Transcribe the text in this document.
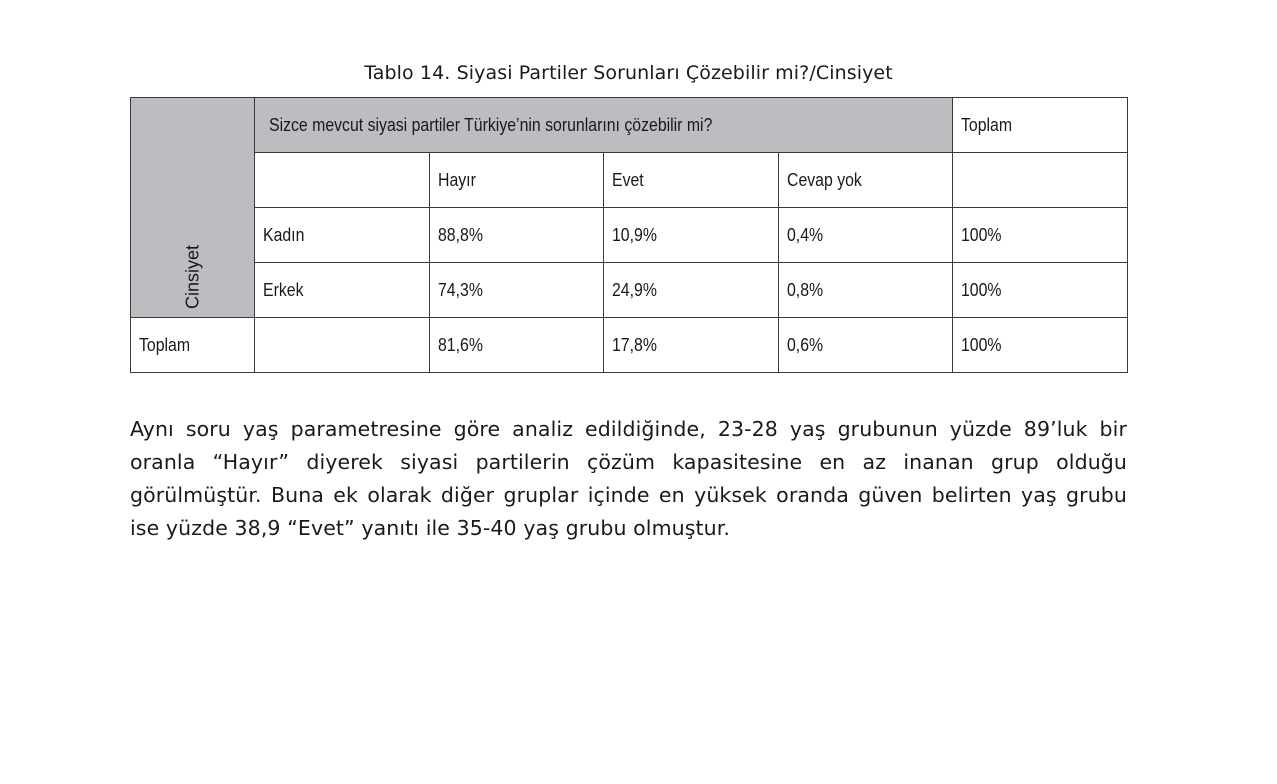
Tablo 14. Siyasi Partiler Sorunları Çözebilir mi?/Cinsiyet
Cinsiyet	Sizce mevcut siyasi partiler Türkiye’nin sorunlarını çözebilir mi?				Toplam
		Hayır	Evet	Cevap yok	
	Kadın	88,8%	10,9%	0,4%	100%
	Erkek	74,3%	24,9%	0,8%	100%
Toplam		81,6%	17,8%	0,6%	100%
Aynı soru yaş parametresine göre analiz edildiğinde, 23-28 yaş grubunun yüzde 89’luk bir oranla “Hayır” diyerek siyasi partilerin çözüm kapasitesine en az inanan grup olduğu görülmüştür. Buna ek olarak diğer gruplar içinde en yüksek oranda güven belirten yaş grubu ise yüzde 38,9 “Evet” yanıtı ile 35-40 yaş grubu olmuştur.
